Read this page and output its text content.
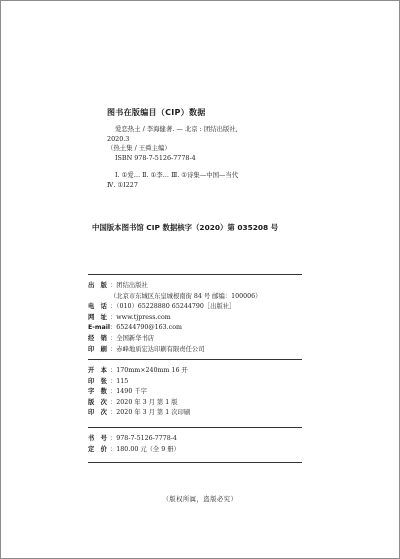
图书在版编目（CIP）数据
爱恋热土 / 李海健著. — 北京 : 团结出版社,
2020.3
（热土集 / 王舜主编）
ISBN 978-7-5126-7778-4
Ⅰ. ①爱… Ⅱ. ①李… Ⅲ. ①诗集—中国—当代
Ⅳ. ①I227
中国版本图书馆 CIP 数据核字（2020）第 035208 号
出　版 ：团结出版社
（北京市东城区东皇城根南街 84 号 邮编：100006）
电　话 ：（010）65228880 65244790［出版社］
网　址 ：www.tjpress.com
E-mail ：65244790@163.com
经　销 ：全国新华书店
印　刷 ：赤峰地质宏达印刷有限责任公司
开　本 ：170mm×240mm 16 开
印　张 ：115
字　数 ：1490 千字
版　次 ：2020 年 3 月 第 1 版
印　次 ：2020 年 3 月 第 1 次印刷
书　号 ：978-7-5126-7778-4
定　价 ：180.00 元（全 9 册）
（版权所属，盗版必究）
